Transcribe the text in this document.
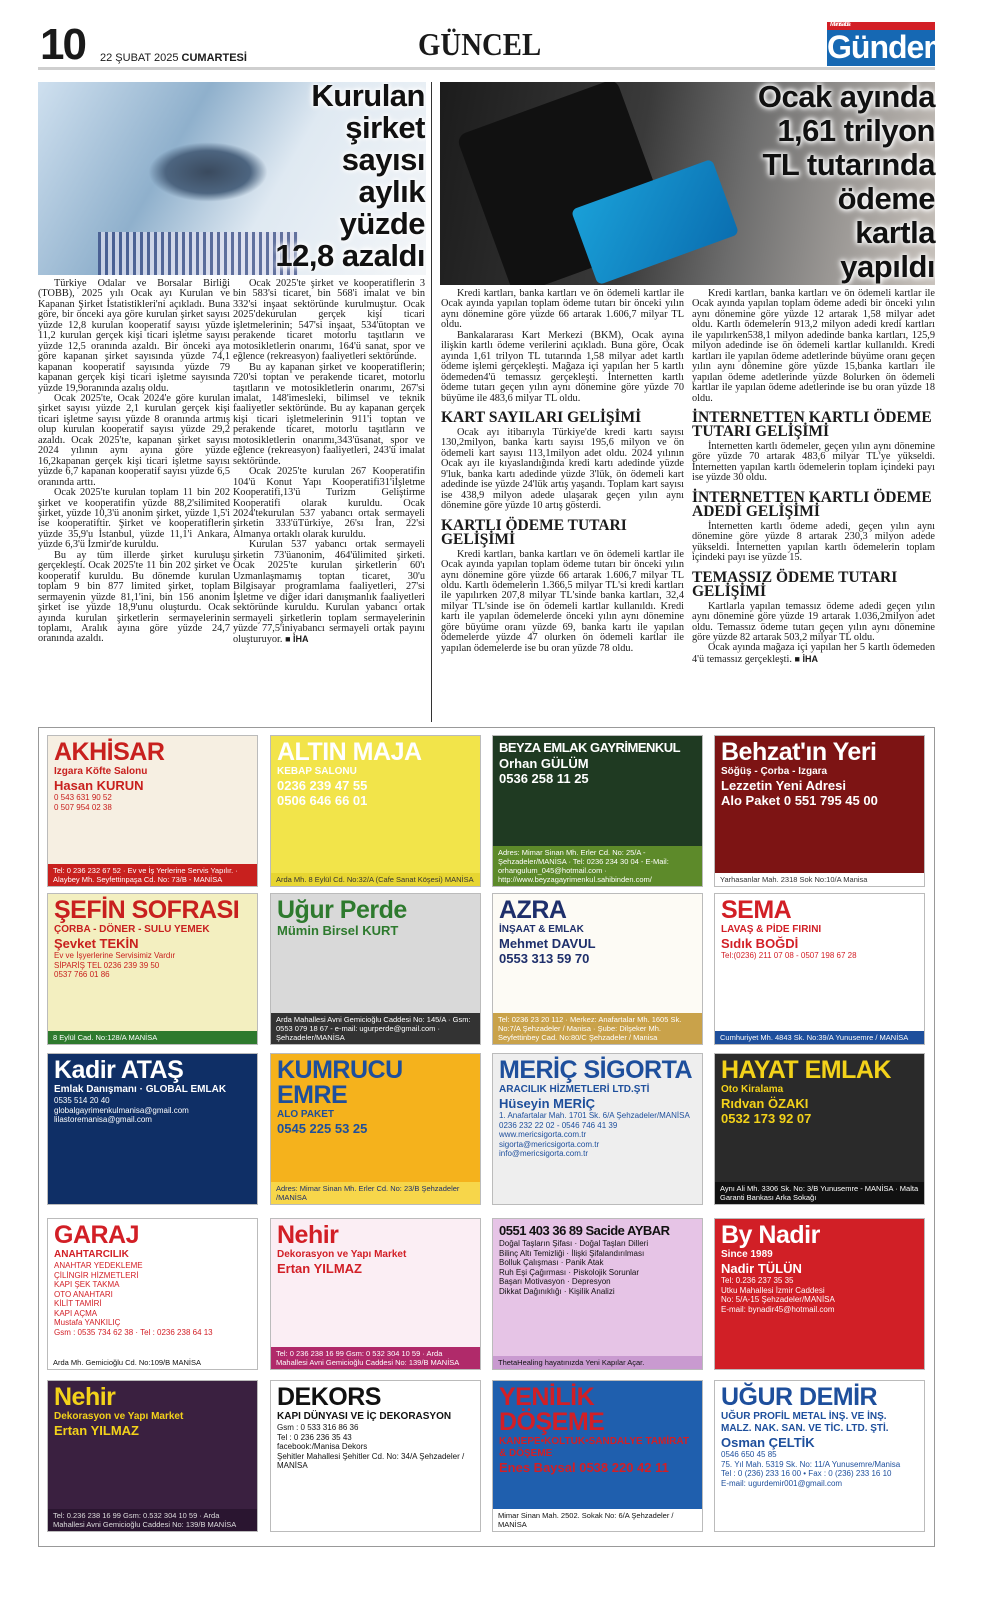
10 22 ŞUBAT 2025 CUMARTESİ	GÜNCEL
Manisa'da
Gündem
Kurulan
şirket
sayısı
aylık
yüzde
12,8 azaldı

Türkiye Odalar ve Borsalar Birliği (TOBB), 2025 yılı Ocak ayı Kurulan ve Kapanan Şirket İstatistikleri'ni açıkladı. Buna göre, bir önceki aya göre kurulan şirket sayısı yüzde 12,8 kurulan kooperatif sayısı yüzde 11,2 kurulan gerçek kişi ticari işletme sayısı yüzde 12,5 oranında azaldı. Bir önceki aya göre kapanan şirket sayısında yüzde 74,1 kapanan kooperatif sayısında yüzde 79 kapanan gerçek kişi ticari işletme sayısında yüzde 19,9oranında azalış oldu.

Ocak 2025'te, Ocak 2024'e göre kurulan şirket sayısı yüzde 2,1 kurulan gerçek kişi ticari işletme sayısı yüzde 8 oranında artmış olup kurulan kooperatif sayısı yüzde 29,2 azaldı. Ocak 2025'te, kapanan şirket sayısı 2024 yılının aynı ayına göre yüzde 16,2kapanan gerçek kişi ticari işletme sayısı yüzde 6,7 kapanan kooperatif sayısı yüzde 6,5 oranında arttı.

Ocak 2025'te kurulan toplam 11 bin 202 şirket ve kooperatifin yüzde 88,2'silimited şirket, yüzde 10,3'ü anonim şirket, yüzde 1,5'i ise kooperatiftir. Şirket ve kooperatiflerin yüzde 35,9'u İstanbul, yüzde 11,1'i Ankara, yüzde 6,3'ü İzmir'de kuruldu.

Bu ay tüm illerde şirket kuruluşu gerçekleşti. Ocak 2025'te 11 bin 202 şirket ve kooperatif kuruldu. Bu dönemde kurulan toplam 9 bin 877 limited şirket, toplam sermayenin yüzde 81,1'ini, bin 156 anonim şirket ise yüzde 18,9'unu oluşturdu. Ocak ayında kurulan şirketlerin sermayelerinin toplamı, Aralık ayına göre yüzde 24,7 oranında azaldı.

Ocak 2025'te şirket ve kooperatiflerin 3 bin 583'si ticaret, bin 568'i imalat ve bin 332'si inşaat sektöründe kurulmuştur. Ocak 2025'dekurulan gerçek kişi ticari işletmelerinin; 547'si inşaat, 534'ütoptan ve perakende ticaret motorlu taşıtların ve motosikletlerin onarımı, 164'ü sanat, spor ve eğlence (rekreasyon) faaliyetleri sektöründe.

Bu ay kapanan şirket ve kooperatiflerin; 720'si toptan ve perakende ticaret, motorlu taşıtların ve motosikletlerin onarımı, 267'si imalat, 148'imesleki, bilimsel ve teknik faaliyetler sektöründe. Bu ay kapanan gerçek kişi ticari işletmelerinin 911'i toptan ve perakende ticaret, motorlu taşıtların ve motosikletlerin onarımı,343'üsanat, spor ve eğlence (rekreasyon) faaliyetleri, 243'ü imalat sektöründe.

Ocak 2025'te kurulan 267 Kooperatifin 104'ü Konut Yapı Kooperatifi31'iİşletme Kooperatifi,13'ü Turizm Geliştirme Kooperatifi olarak kuruldu. Ocak 2024'tekurulan 537 yabancı ortak sermayeli şirketin 333'üTürkiye, 26'sı İran, 22'si Almanya ortaklı olarak kuruldu.

Kurulan 537 yabancı ortak sermayeli şirketin 73'üanonim, 464'ülimited şirketi. Ocak 2025'te kurulan şirketlerin 60'ı Uzmanlaşmamış toptan ticaret, 30'u Bilgisayar programlama faaliyetleri, 27'si İşletme ve diğer idari danışmanlık faaliyetleri sektöründe kuruldu. Kurulan yabancı ortak sermayeli şirketlerin toplam sermayelerinin yüzde 77,5'iniyabancı sermayeli ortak payını oluşturuyor. ■ İHA

Ocak ayında
1,61 trilyon
TL tutarında
ödeme
kartla
yapıldı

Kredi kartları, banka kartları ve ön ödemeli kartlar ile Ocak ayında yapılan toplam ödeme tutarı bir önceki yılın aynı dönemine göre yüzde 66 artarak 1.606,7 milyar TL oldu.

Bankalararası Kart Merkezi (BKM), Ocak ayına ilişkin kartlı ödeme verilerini açıkladı. Buna göre, Ocak ayında 1,61 trilyon TL tutarında 1,58 milyar adet kartlı ödeme işlemi gerçekleşti. Mağaza içi yapılan her 5 kartlı ödemeden4'ü temassız gerçekleşti. İnternetten kartlı ödeme tutarı geçen yılın aynı dönemine göre yüzde 70 büyüme ile 483,6 milyar TL oldu.

KART SAYILARI GELİŞİMİ

Ocak ayı itibarıyla Türkiye'de kredi kartı sayısı 130,2milyon, banka kartı sayısı 195,6 milyon ve ön ödemeli kart sayısı 113,1milyon adet oldu. 2024 yılının Ocak ayı ile kıyaslandığında kredi kartı adedinde yüzde 9'luk, banka kartı adedinde yüzde 3'lük, ön ödemeli kart adedinde ise yüzde 24'lük artış yaşandı. Toplam kart sayısı ise 438,9 milyon adede ulaşarak geçen yılın aynı dönemine göre yüzde 10 artış gösterdi.

KARTLI ÖDEME TUTARI GELİŞİMİ

Kredi kartları, banka kartları ve ön ödemeli kartlar ile Ocak ayında yapılan toplam ödeme tutarı bir önceki yılın aynı dönemine göre yüzde 66 artarak 1.606,7 milyar TL oldu. Kartlı ödemelerin 1.366,5 milyar TL'si kredi kartları ile yapılırken 207,8 milyar TL'sinde banka kartları, 32,4 milyar TL'sinde ise ön ödemeli kartlar kullanıldı. Kredi kartı ile yapılan ödemelerde önceki yılın aynı dönemine göre büyüme oranı yüzde 69, banka kartı ile yapılan ödemelerde yüzde 47 olurken ön ödemeli kartlar ile yapılan ödemelerde ise bu oran yüzde 78 oldu.

Kredi kartları, banka kartları ve ön ödemeli kartlar ile Ocak ayında yapılan toplam ödeme adedi bir önceki yılın aynı dönemine göre yüzde 12 artarak 1,58 milyar adet oldu. Kartlı ödemelerin 913,2 milyon adedi kredi kartları ile yapılırken538,1 milyon adedinde banka kartları, 125,9 milyon adedinde ise ön ödemeli kartlar kullanıldı. Kredi kartları ile yapılan ödeme adetlerinde büyüme oranı geçen yılın aynı dönemine göre yüzde 15,banka kartları ile yapılan ödeme adetlerinde yüzde 8olurken ön ödemeli kartlar ile yapılan ödeme adetlerinde ise bu oran yüzde 18 oldu.

İNTERNETTEN KARTLI ÖDEME TUTARI GELİŞİMİ

İnternetten kartlı ödemeler, geçen yılın aynı dönemine göre yüzde 70 artarak 483,6 milyar TL'ye yükseldi. İnternetten yapılan kartlı ödemelerin toplam içindeki payı ise yüzde 30 oldu.

İNTERNETTEN KARTLI ÖDEME ADEDİ GELİŞİMİ

İnternetten kartlı ödeme adedi, geçen yılın aynı dönemine göre yüzde 8 artarak 230,3 milyon adede yükseldi. İnternetten yapılan kartlı ödemelerin toplam içindeki payı ise yüzde 15.

TEMASSIZ ÖDEME TUTARI GELİŞİMİ

Kartlarla yapılan temassız ödeme adedi geçen yılın aynı dönemine göre yüzde 19 artarak 1.036,2milyon adet oldu. Temassız ödeme tutarı geçen yılın aynı dönemine göre yüzde 82 artarak 503,2 milyar TL oldu.

Ocak ayında mağaza içi yapılan her 5 kartlı ödemeden 4'ü temassız gerçekleşti. ■ İHA

AKHİSAR
Izgara Köfte Salonu
Hasan KURUN
0 543 631 90 52
0 507 954 02 38
Tel: 0 236 232 67 52 · Ev ve İş Yerlerine Servis Yapılır. · Alaybey Mh. Seyfettinpaşa Cd. No: 73/B - MANİSA
ALTIN MAJA
KEBAP SALONU
0236 239 47 55
0506 646 66 01
Arda Mh. 8 Eylül Cd. No:32/A (Cafe Sanat Köşesi) MANİSA
BEYZA EMLAK GAYRİMENKUL
Orhan GÜLÜM
0536 258 11 25
Adres: Mimar Sinan Mh. Erler Cd. No: 25/A - Şehzadeler/MANİSA · Tel: 0236 234 30 04 - E-Mail: orhangulum_045@hotmail.com · http://www.beyzagayrimenkul.sahibinden.com/
Behzat'ın Yeri
Söğüş - Çorba - Izgara
Lezzetin Yeni Adresi
Alo Paket 0 551 795 45 00
Yarhasanlar Mah. 2318 Sok No:10/A Manisa
ŞEFİN SOFRASI
ÇORBA - DÖNER - SULU YEMEK
Şevket TEKİN
Ev ve İşyerlerine Servisimiz Vardır
SİPARİŞ TEL 0236 239 39 50
0537 766 01 86
8 Eylül Cad. No:128/A MANİSA
Uğur Perde
Mümin Birsel KURT
Arda Mahallesi Avni Gemicioğlu Caddesi No: 145/A · Gsm: 0553 079 18 67 - e-mail: ugurperde@gmail.com · Şehzadeler/MANİSA
AZRA
İNŞAAT & EMLAK
Mehmet DAVUL
0553 313 59 70
Tel: 0236 23 20 112 · Merkez: Anafartalar Mh. 1605 Sk. No:7/A Şehzadeler / Manisa · Şube: Dilşeker Mh. Seyfettinbey Cad. No:80/C Şehzadeler / Manisa
SEMA
LAVAŞ & PİDE FIRINI
Sıdık BOĞDİ
Tel:(0236) 211 07 08 - 0507 198 67 28
Cumhuriyet Mh. 4843 Sk. No:39/A Yunusemre / MANİSA
Kadir ATAŞ
Emlak Danışmanı · GLOBAL EMLAK
0535 514 20 40
globalgayrimenkulmanisa@gmail.com
lilastoremanisa@gmail.com
KUMRUCU EMRE
ALO PAKET
0545 225 53 25
Adres: Mimar Sinan Mh. Erler Cd. No: 23/B Şehzadeler /MANİSA
MERİÇ SİGORTA
ARACILIK HİZMETLERİ LTD.ŞTİ
Hüseyin MERİÇ
1. Anafartalar Mah. 1701 Sk. 6/A Şehzadeler/MANİSA
0236 232 22 02 - 0546 746 41 39
www.mericsigorta.com.tr
sigorta@mericsigorta.com.tr
info@mericsigorta.com.tr
HAYAT EMLAK
Oto Kiralama
Rıdvan ÖZAKI
0532 173 92 07
Aynı Ali Mh. 3306 Sk. No: 3/B Yunusemre - MANİSA · Malta Garanti Bankası Arka Sokağı
GARAJ
ANAHTARCILIK
ANAHTAR YEDEKLEME
ÇİLİNGİR HİZMETLERİ
KAPI ŞEK TAKMA
OTO ANAHTARI
KİLİT TAMİRİ
KAPI AÇMA
Mustafa YANKILIÇ
Gsm : 0535 734 62 38 · Tel : 0236 238 64 13
Arda Mh. Gemicioğlu Cd. No:109/B MANİSA
Nehir
Dekorasyon ve Yapı Market
Ertan YILMAZ
Tel: 0 236 238 16 99 Gsm: 0 532 304 10 59 · Arda Mahallesi Avni Gemicioğlu Caddesi No: 139/B MANİSA
0551 403 36 89 Sacide AYBAR
Doğal Taşların Şifası · Doğal Taşları Dilleri
Bilinç Altı Temizliği · İlişki Şifalandırılması
Bolluk Çalışması · Panik Atak
Ruh Eşi Çağırması · Piskolojik Sorunlar
Başarı Motivasyon · Depresyon
Dikkat Dağınıklığı · Kişilik Analizi
ThetaHealing hayatınızda Yeni Kapılar Açar.
By Nadir
Since 1989
Nadir TÜLÜN
Tel: 0.236 237 35 35
Utku Mahallesi İzmir Caddesi
No: 5/A-15 Şehzadeler/MANİSA
E-mail: bynadir45@hotmail.com
Nehir
Dekorasyon ve Yapı Market
Ertan YILMAZ
Tel: 0.236 238 16 99 Gsm: 0.532 304 10 59 · Arda Mahallesi Avni Gemicioğlu Caddesi No: 139/B MANİSA
DEKORS
KAPI DÜNYASI VE İÇ DEKORASYON
Gsm : 0 533 316 86 36
Tel : 0 236 236 35 43
facebook:/Manisa Dekors
Şehitler Mahallesi Şehitler Cd. No: 34/A Şehzadeler / MANİSA
YENİLİK DÖŞEME
KANEPE•KOLTUK•SANDALYE TAMİRAT & DÖŞEME
Enes Baysal 0538 220 42 11
Mimar Sinan Mah. 2502. Sokak No: 6/A Şehzadeler / MANİSA
UĞUR DEMİR
UĞUR PROFİL METAL İNŞ. VE İNŞ. MALZ. NAK. SAN. VE TİC. LTD. ŞTİ.
Osman ÇELTİK
0546 650 45 85
75. Yıl Mah. 5319 Sk. No: 11/A Yunusemre/Manisa
Tel : 0 (236) 233 16 00 • Fax : 0 (236) 233 16 10
E-mail: ugurdemir001@gmail.com
